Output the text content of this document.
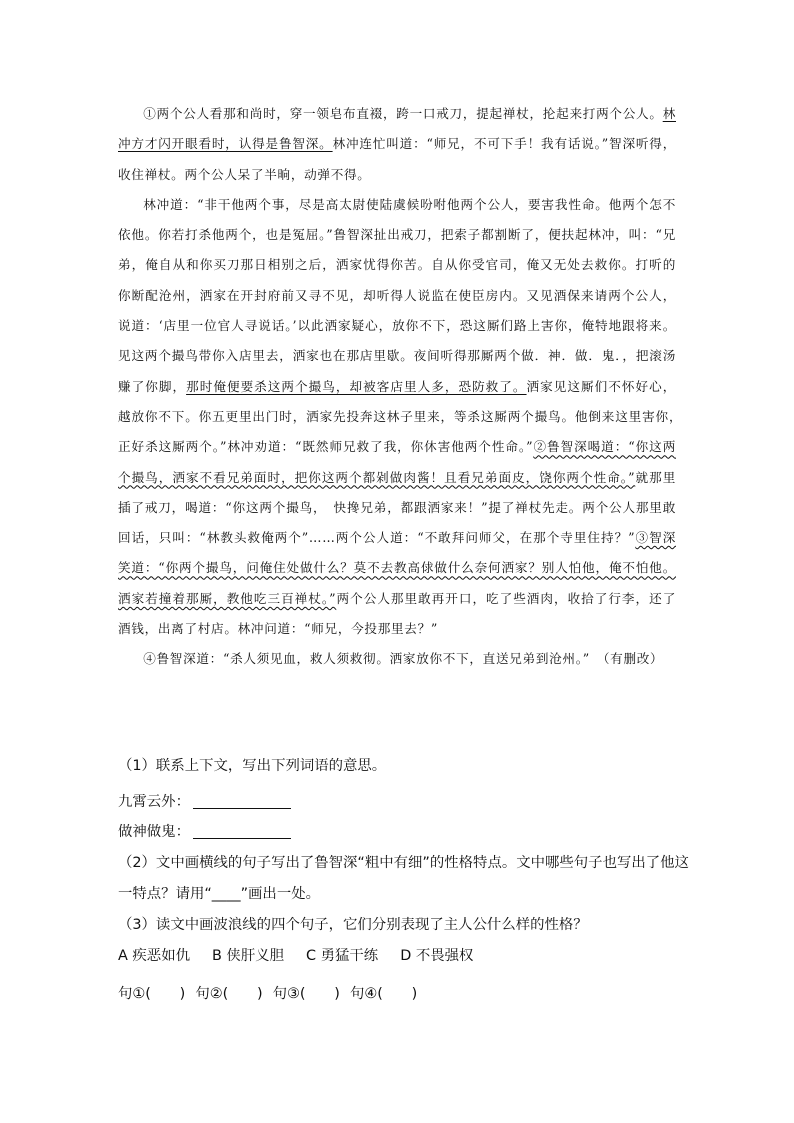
①两个公人看那和尚时，穿一领皂布直裰，跨一口戒刀，提起禅杖，抡起来打两个公人。林冲方才闪开眼看时，认得是鲁智深。林冲连忙叫道：“师兄，不可下手！我有话说。”智深听得，收住禅杖。两个公人呆了半晌，动弹不得。

林冲道：“非干他两个事，尽是高太尉使陆虞候吩咐他两个公人，要害我性命。他两个怎不依他。你若打杀他两个，也是冤屈。”鲁智深扯出戒刀，把索子都割断了，便扶起林冲，叫：“兄弟，俺自从和你买刀那日相别之后，洒家忧得你苦。自从你受官司，俺又无处去救你。打听的你断配沧州，洒家在开封府前又寻不见，却听得人说监在使臣房内。又见酒保来请两个公人，说道：‘店里一位官人寻说话。’以此洒家疑心，放你不下，恐这厮们路上害你，俺特地跟将来。见这两个撮鸟带你入店里去，洒家也在那店里歇。夜间听得那厮两个做．神．做．鬼．，把滚汤赚了你脚，那时俺便要杀这两个撮鸟，却被客店里人多，恐防救了。洒家见这厮们不怀好心，越放你不下。你五更里出门时，洒家先投奔这林子里来，等杀这厮两个撮鸟。他倒来这里害你，　正好杀这厮两个。”林冲劝道：“既然师兄救了我，你休害他两个性命。”②鲁智深喝道：“你这两个撮鸟，洒家不看兄弟面时，把你这两个都剁做肉酱！且看兄弟面皮，饶你两个性命。”就那里插了戒刀，喝道：“你这两个撮鸟，　快搀兄弟，都跟洒家来！”提了禅杖先走。两个公人那里敢回话，只叫：“林教头救俺两个”……两个公人道：“不敢拜问师父，在那个寺里住持？”③智深笑道：“你两个撮鸟，问俺住处做什么？莫不去教高俅做什么奈何洒家？别人怕他，俺不怕他。洒家若撞着那厮，教他吃三百禅杖。”两个公人那里敢再开口，吃了些酒肉，收拾了行李，还了酒钱，出离了村店。林冲问道：“师兄，今投那里去？”

④鲁智深道：“杀人须见血，救人须救彻。洒家放你不下，直送兄弟到沧州。”　（有删改）

（1）联系上下文，写出下列词语的意思。
九霄云外：
做神做鬼：
（2）文中画横线的句子写出了鲁智深“粗中有细”的性格特点。文中哪些句子也写出了他这
一特点？请用“____”画出一处。
（3）读文中画波浪线的四个句子，它们分别表现了主人公什么样的性格？
A 疾恶如仇 B 侠肝义胆 C 勇猛干练 D 不畏强权
句①(　　) 句②(　　) 句③(　　) 句④(　　)
